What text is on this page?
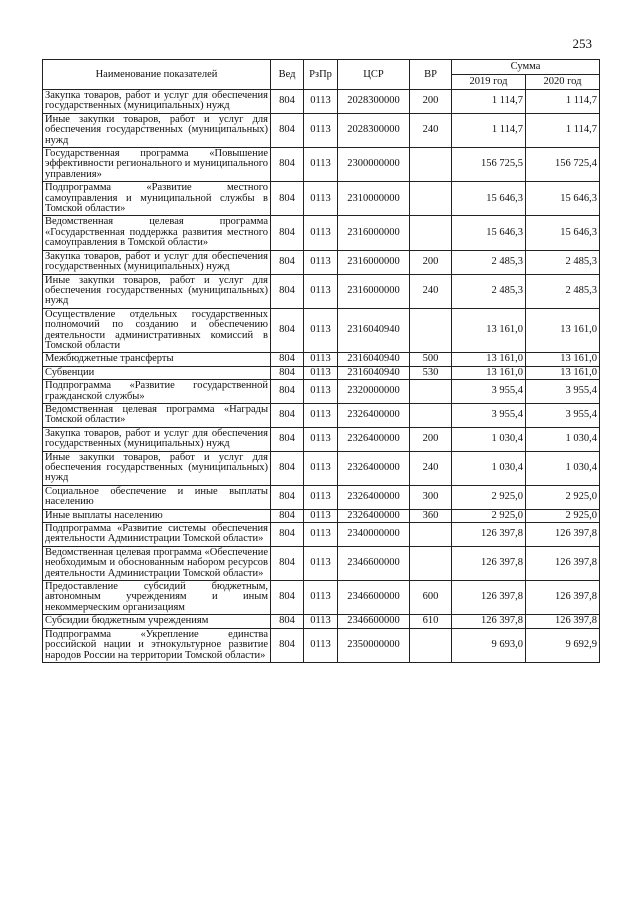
253
Наименование показателей	Вед	РзПр	ЦСР	ВР	Сумма	
					2019 год	2020 год
Закупка товаров, работ и услуг для обеспечения государственных (муниципальных) нужд	804	0113	2028300000	200	1 114,7	1 114,7
Иные закупки товаров, работ и услуг для обеспечения государственных (муниципальных) нужд	804	0113	2028300000	240	1 114,7	1 114,7
Государственная программа «Повышение эффективности регионального и муниципального управления»	804	0113	2300000000		156 725,5	156 725,4
Подпрограмма «Развитие местного самоуправления и муниципальной службы в Томской области»	804	0113	2310000000		15 646,3	15 646,3
Ведомственная целевая программа «Государственная поддержка развития местного самоуправления в Томской области»	804	0113	2316000000		15 646,3	15 646,3
Закупка товаров, работ и услуг для обеспечения государственных (муниципальных) нужд	804	0113	2316000000	200	2 485,3	2 485,3
Иные закупки товаров, работ и услуг для обеспечения государственных (муниципальных) нужд	804	0113	2316000000	240	2 485,3	2 485,3
Осуществление отдельных государственных полномочий по созданию и обеспечению деятельности административных комиссий в Томской области	804	0113	2316040940		13 161,0	13 161,0
Межбюджетные трансферты	804	0113	2316040940	500	13 161,0	13 161,0
Субвенции	804	0113	2316040940	530	13 161,0	13 161,0
Подпрограмма «Развитие государственной гражданской службы»	804	0113	2320000000		3 955,4	3 955,4
Ведомственная целевая программа «Награды Томской области»	804	0113	2326400000		3 955,4	3 955,4
Закупка товаров, работ и услуг для обеспечения государственных (муниципальных) нужд	804	0113	2326400000	200	1 030,4	1 030,4
Иные закупки товаров, работ и услуг для обеспечения государственных (муниципальных) нужд	804	0113	2326400000	240	1 030,4	1 030,4
Социальное обеспечение и иные выплаты населению	804	0113	2326400000	300	2 925,0	2 925,0
Иные выплаты населению	804	0113	2326400000	360	2 925,0	2 925,0
Подпрограмма «Развитие системы обеспечения деятельности Администрации Томской области»	804	0113	2340000000		126 397,8	126 397,8
Ведомственная целевая программа «Обеспечение необходимым и обоснованным набором ресурсов деятельности Администрации Томской области»	804	0113	2346600000		126 397,8	126 397,8
Предоставление субсидий бюджетным, автономным учреждениям и иным некоммерческим организациям	804	0113	2346600000	600	126 397,8	126 397,8
Субсидии бюджетным учреждениям	804	0113	2346600000	610	126 397,8	126 397,8
Подпрограмма «Укрепление единства российской нации и этнокультурное развитие народов России на территории Томской области»	804	0113	2350000000		9 693,0	9 692,9
